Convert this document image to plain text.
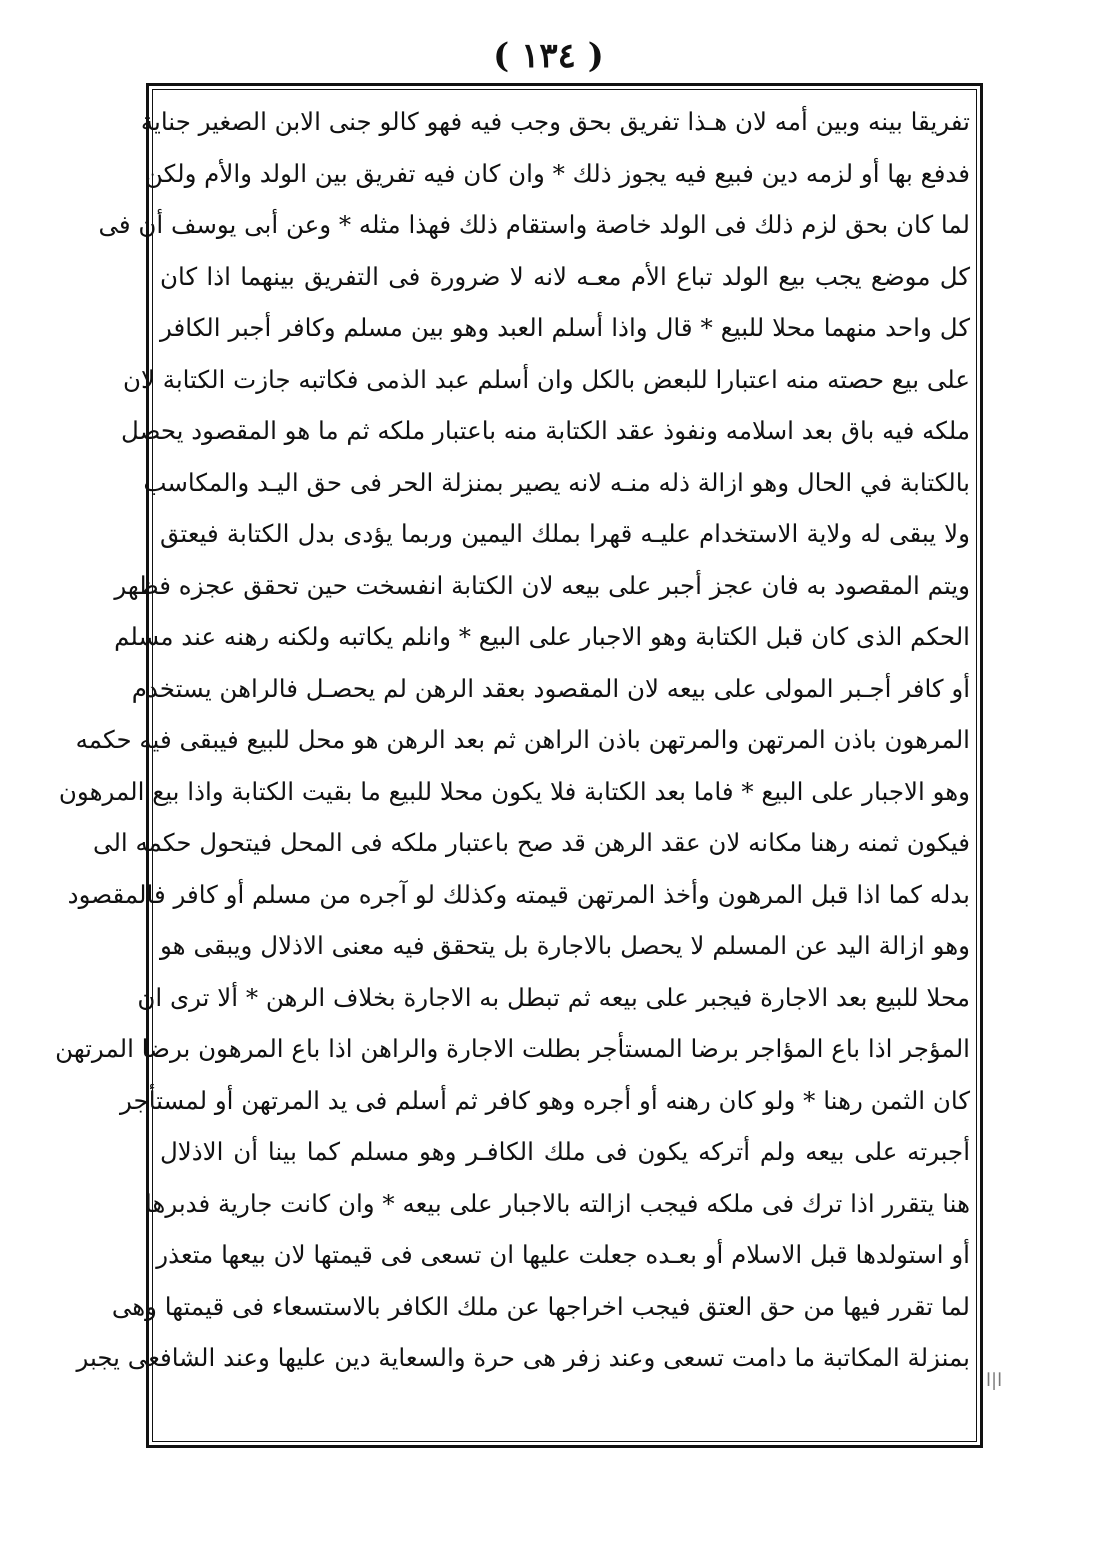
( ١٣٤ )
تفريقا بينه وبين أمه لان هـذا تفريق بحق وجب فيه فهو كالو جنى الابن الصغير جناية
فدفع بها أو لزمه دين فبيع فيه يجوز ذلك * وان كان فيه تفريق بين الولد والأم ولكن
لما كان بحق لزم ذلك فى الولد خاصة واستقام ذلك فهذا مثله * وعن أبى يوسف أن فى
كل موضع يجب بيع الولد تباع الأم معـه لانه لا ضرورة فى التفريق بينهما اذا كان
كل واحد منهما محلا للبيع * قال واذا أسلم العبد وهو بين مسلم وكافر أجبر الكافر
على بيع حصته منه اعتبارا للبعض بالكل وان أسلم عبد الذمى فكاتبه جازت الكتابة لان
ملكه فيه باق بعد اسلامه ونفوذ عقد الكتابة منه باعتبار ملكه ثم ما هو المقصود يحصل
بالكتابة في الحال وهو ازالة ذله منـه لانه يصير بمنزلة الحر فى حق اليـد والمكاسب
ولا يبقى له ولاية الاستخدام عليـه قهرا بملك اليمين وربما يؤدى بدل الكتابة فيعتق
ويتم المقصود به فان عجز أجبر على بيعه لان الكتابة انفسخت حين تحقق عجزه فظهر
الحكم الذى كان قبل الكتابة وهو الاجبار على البيع * وانلم يكاتبه ولكنه رهنه عند مسلم
أو كافر أجـبر المولى على بيعه لان المقصود بعقد الرهن لم يحصـل فالراهن يستخدم
المرهون باذن المرتهن والمرتهن باذن الراهن ثم بعد الرهن هو محل للبيع فيبقى فيه حكمه
وهو الاجبار على البيع * فاما بعد الكتابة فلا يكون محلا للبيع ما بقيت الكتابة واذا بيع المرهون
فيكون ثمنه رهنا مكانه لان عقد الرهن قد صح باعتبار ملكه فى المحل فيتحول حكمه الى
بدله كما اذا قبل المرهون وأخذ المرتهن قيمته وكذلك لو آجره من مسلم أو كافر فالمقصود
وهو ازالة اليد عن المسلم لا يحصل بالاجارة بل يتحقق فيه معنى الاذلال ويبقى هو
محلا للبيع بعد الاجارة فيجبر على بيعه ثم تبطل به الاجارة بخلاف الرهن * ألا ترى ان
المؤجر اذا باع المؤاجر برضا المستأجر بطلت الاجارة والراهن اذا باع المرهون برضا المرتهن
كان الثمن رهنا * ولو كان رهنه أو أجره وهو كافر ثم أسلم فى يد المرتهن أو لمستأجر
أجبرته على بيعه ولم أتركه يكون فى ملك الكافـر وهو مسلم كما بينا أن الاذلال
هنا يتقرر اذا ترك فى ملكه فيجب ازالته بالاجبار على بيعه * وان كانت جارية فدبرها
أو استولدها قبل الاسلام أو بعـده جعلت عليها ان تسعى فى قيمتها لان بيعها متعذر
لما تقرر فيها من حق العتق فيجب اخراجها عن ملك الكافر بالاستسعاء فى قيمتها وهى
بمنزلة المكاتبة ما دامت تسعى وعند زفر هى حرة والسعاية دين عليها وعند الشافعى يجبر
ا|ا
